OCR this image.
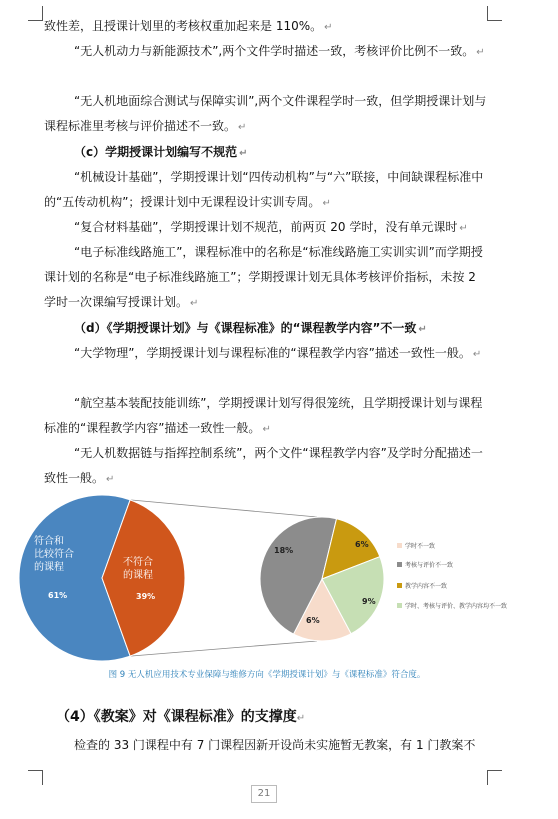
致性差，且授课计划里的考核权重加起来是 110%。 ↵
“无人机动力与新能源技术”,两个文件学时描述一致，考核评价比例不一致。 ↵
“无人机地面综合测试与保障实训”,两个文件课程学时一致，但学期授课计划与课程标准里考核与评价描述不一致。 ↵
（c）学期授课计划编写不规范 ↵
“机械设计基础”，学期授课计划“四传动机构”与“六”联接，中间缺课程标准中的“五传动机构”；授课计划中无课程设计实训专周。 ↵
“复合材料基础”，学期授课计划不规范，前两页 20 学时，没有单元课时 ↵
“电子标准线路施工”，课程标准中的名称是“标准线路施工实训实训”而学期授课计划的名称是“电子标准线路施工”；学期授课计划无具体考核评价指标，未按 2 学时一次课编写授课计划。 ↵
（d）《学期授课计划》与《课程标准》的“课程教学内容”不一致 ↵
“大学物理”，学期授课计划与课程标准的“课程教学内容”描述一致性一般。 ↵
“航空基本装配技能训练”，学期授课计划写得很笼统，且学期授课计划与课程标准的“课程教学内容”描述一致性一般。 ↵
“无人机数据链与指挥控制系统”，两个文件“课程教学内容”及学时分配描述一致性一般。 ↵
符合和比较符合的课程
61%
不符合的课程
39%
6%
18%
6%
9%
学时不一致
考核与评价不一致
教学内容不一致
学时、考核与评价、教学内容均不一致
图 9 无人机应用技术专业保障与维修方向《学期授课计划》与《课程标准》符合度。
（4）《教案》对《课程标准》的支撑度↵
检查的 33 门课程中有 7 门课程因新开设尚未实施暂无教案，有 1 门教案不
21
